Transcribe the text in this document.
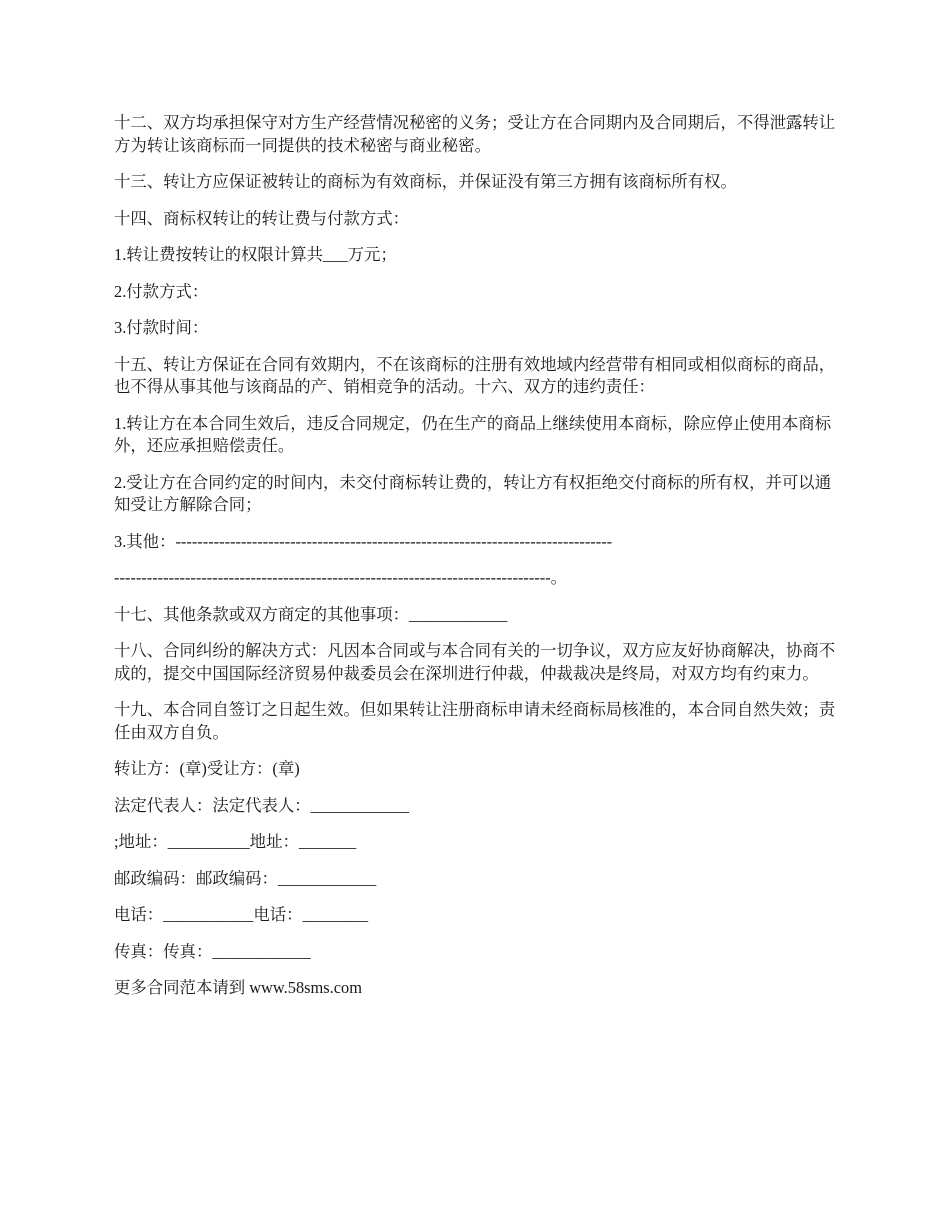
十二、双方均承担保守对方生产经营情况秘密的义务；受让方在合同期内及合同期后，不得泄露转让方为转让该商标而一同提供的技术秘密与商业秘密。

十三、转让方应保证被转让的商标为有效商标，并保证没有第三方拥有该商标所有权。

十四、商标权转让的转让费与付款方式：

1.转让费按转让的权限计算共___万元；

2.付款方式：

3.付款时间：

十五、转让方保证在合同有效期内，不在该商标的注册有效地域内经营带有相同或相似商标的商品，也不得从事其他与该商品的产、销相竞争的活动。十六、双方的违约责任：

1.转让方在本合同生效后，违反合同规定，仍在生产的商品上继续使用本商标，除应停止使用本商标外，还应承担赔偿责任。

2.受让方在合同约定的时间内，未交付商标转让费的，转让方有权拒绝交付商标的所有权，并可以通知受让方解除合同；

3.其他：--------------------------------------------------------------------------------

--------------------------------------------------------------------------------。

十七、其他条款或双方商定的其他事项：____________

十八、合同纠纷的解决方式：凡因本合同或与本合同有关的一切争议，双方应友好协商解决，协商不成的，提交中国国际经济贸易仲裁委员会在深圳进行仲裁，仲裁裁决是终局，对双方均有约束力。

十九、本合同自签订之日起生效。但如果转让注册商标申请未经商标局核准的，本合同自然失效；责任由双方自负。

转让方：(章)受让方：(章)

法定代表人：法定代表人：____________

;地址：__________地址：_______

邮政编码：邮政编码：____________

电话：___________电话：________

传真：传真：____________

更多合同范本请到 www.58sms.com
